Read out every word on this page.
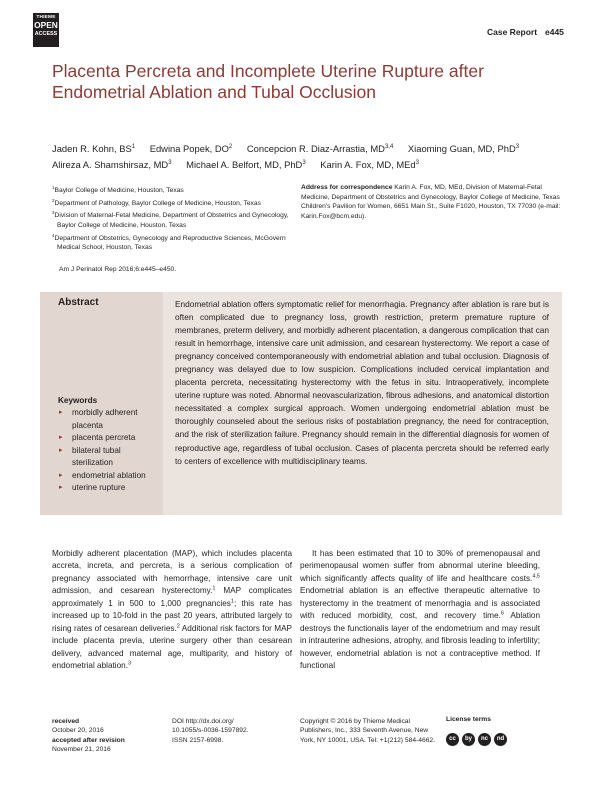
THIEME
OPEN
ACCESS	Case Report e445
Placenta Percreta and Incomplete Uterine Rupture after Endometrial Ablation and Tubal Occlusion
Jaden R. Kohn, $BS^1$ Edwina Popek, $DO^2$ Concepcion R. Diaz-Arrastia, MD$^{3,4}$ Xiaoming Guan, MD, PhD$^3$
Alireza A. Shamshirsaz, $MD^3$ Michael A. Belfort, MD, PhD$^3$ Karin A. Fox, MD, MEd$^3$
$^1$Baylor College of Medicine, Houston, Texas
$^2$Department of Pathology, Baylor College of Medicine, Houston, Texas
$^3$Division of Maternal-Fetal Medicine, Department of Obstetrics and Gynecology, Baylor College of Medicine, Houston, Texas
$^4$Department of Obstetrics, Gynecology and Reproductive Sciences, McGovern Medical School, Houston, Texas
Address for correspondence Karin A. Fox, MD, MEd, Division of Maternal-Fetal Medicine, Department of Obstetrics and Gynecology, Baylor College of Medicine, Texas Children's Pavilion for Women, 6651 Main St., Suite F1020, Houston, TX 77030 (e-mail: Karin.Fox@bcm.edu).
Am J Perinatol Rep 2016;6:e445–e450.
Abstract
Keywords
▸ morbidly adherent placenta
▸ placenta percreta
▸ bilateral tubal sterilization
▸ endometrial ablation
▸ uterine rupture

Endometrial ablation offers symptomatic relief for menorrhagia. Pregnancy after ablation is rare but is often complicated due to pregnancy loss, growth restriction, preterm premature rupture of membranes, preterm delivery, and morbidly adherent placentation, a dangerous complication that can result in hemorrhage, intensive care unit admission, and cesarean hysterectomy. We report a case of pregnancy conceived contemporaneously with endometrial ablation and tubal occlusion. Diagnosis of pregnancy was delayed due to low suspicion. Complications included cervical implantation and placenta percreta, necessitating hysterectomy with the fetus in situ. Intraoperatively, incomplete uterine rupture was noted. Abnormal neovascularization, fibrous adhesions, and anatomical distortion necessitated a complex surgical approach. Women undergoing endometrial ablation must be thoroughly counseled about the serious risks of postablation pregnancy, the need for contraception, and the risk of sterilization failure. Pregnancy should remain in the differential diagnosis for women of reproductive age, regardless of tubal occlusion. Cases of placenta percreta should be referred early to centers of excellence with multidisciplinary teams.

Morbidly adherent placentation (MAP), which includes placenta accreta, increta, and percreta, is a serious complication of pregnancy associated with hemorrhage, intensive care unit admission, and cesarean hysterectomy.$^1$ MAP complicates approximately 1 in 500 to 1,000 pregnancies$^1$; this rate has increased up to 10-fold in the past 20 years, attributed largely to rising rates of cesarean deliveries.$^2$ Additional risk factors for MAP include placenta previa, uterine surgery other than cesarean delivery, advanced maternal age, multiparity, and history of endometrial ablation.$^3$

It has been estimated that 10 to 30% of premenopausal and perimenopausal women suffer from abnormal uterine bleeding, which significantly affects quality of life and healthcare costs.$^{4,5}$ Endometrial ablation is an effective therapeutic alternative to hysterectomy in the treatment of menorrhagia and is associated with reduced morbidity, cost, and recovery time.$^6$ Ablation destroys the functionalis layer of the endometrium and may result in intrauterine adhesions, atrophy, and fibrosis leading to infertility; however, endometrial ablation is not a contraceptive method. If functional

received
October 20, 2016
accepted after revision
November 21, 2016
DOI http://dx.doi.org/
10.1055/s-0036-1597892.
ISSN 2157-6998.
Copyright © 2016 by Thieme Medical Publishers, Inc., 333 Seventh Avenue, New York, NY 10001, USA. Tel: +1(212) 584-4662.
License terms
cc by nc nd
